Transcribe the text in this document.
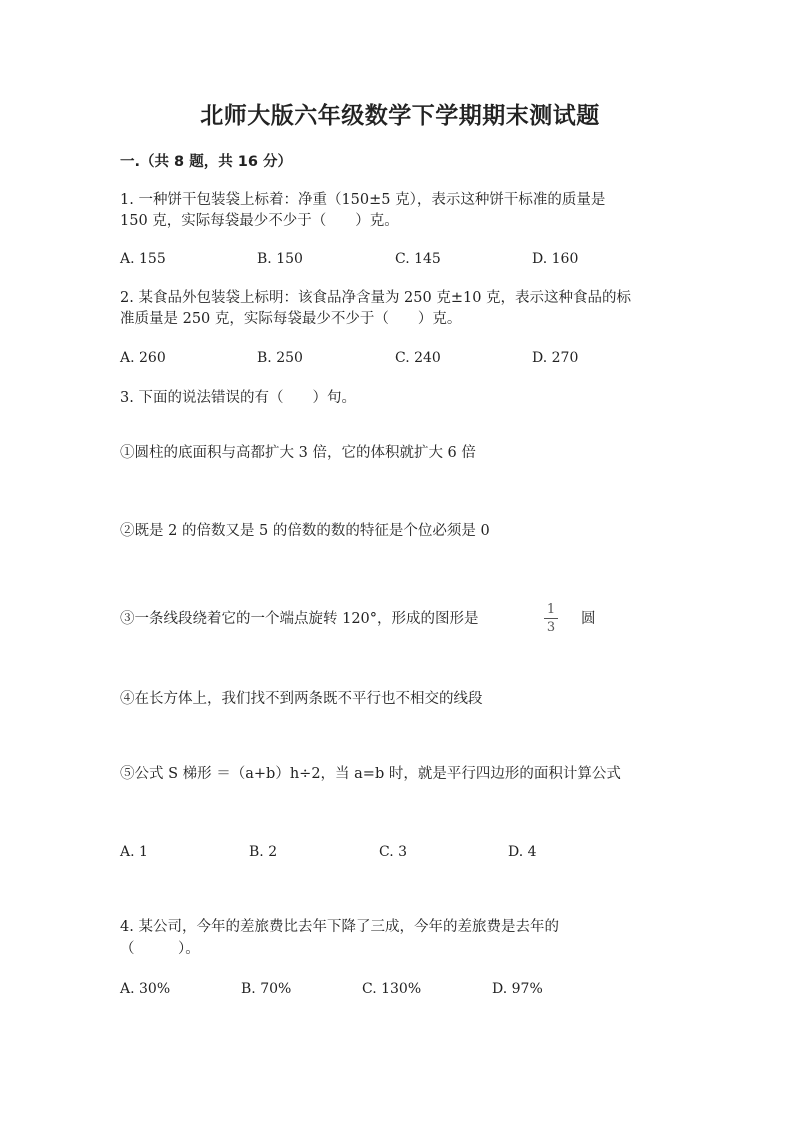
北师大版六年级数学下学期期末测试题
一.（共 8 题，共 16 分）
1. 一种饼干包装袋上标着：净重（150±5 克），表示这种饼干标准的质量是
150 克，实际每袋最少不少于（　　）克。
A. 155	B. 150	C. 145	D. 160
2. 某食品外包装袋上标明：该食品净含量为 250 克±10 克，表示这种食品的标
准质量是 250 克，实际每袋最少不少于（　　）克。
A. 260	B. 250	C. 240	D. 270
3. 下面的说法错误的有（　　）句。
①圆柱的底面积与高都扩大 3 倍，它的体积就扩大 6 倍
②既是 2 的倍数又是 5 的倍数的数的特征是个位必须是 0
③一条线段绕着它的一个端点旋转 120°，形成的图形是
1
3
圆
④在长方体上，我们找不到两条既不平行也不相交的线段
⑤公式 S 梯形 ＝（a+b）h÷2，当 a=b 时，就是平行四边形的面积计算公式
A. 1	B. 2	C. 3	D. 4
4. 某公司，今年的差旅费比去年下降了三成，今年的差旅费是去年的
（　　　）。
A. 30%	B. 70%	C. 130%	D. 97%
